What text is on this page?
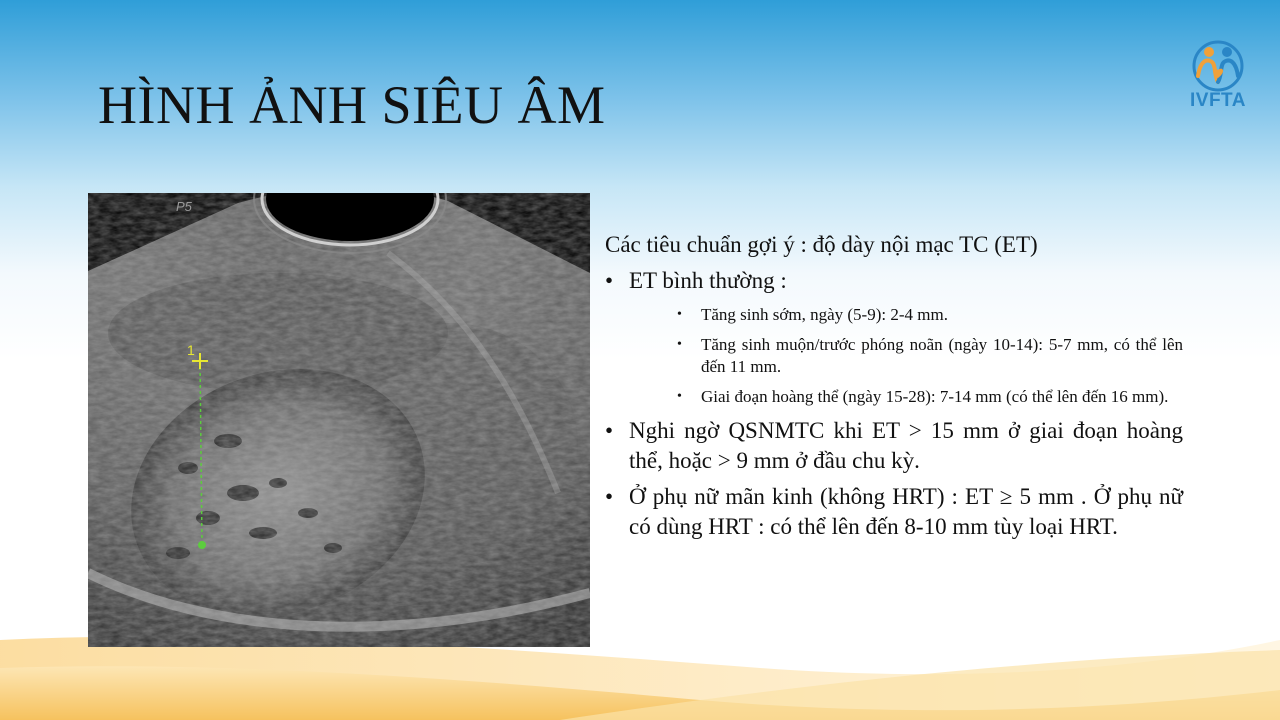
HÌNH ẢNH SIÊU ÂM	IVFTA
1
P5

Các tiêu chuẩn gợi ý : độ dày nội mạc TC (ET)

• ET bình thường :
• Tăng sinh sớm, ngày (5-9): 2-4 mm.
• Tăng sinh muộn/trước phóng noãn (ngày 10-14): 5-7 mm, có thể lên đến 11 mm.
• Giai đoạn hoàng thể (ngày 15-28): 7-14 mm (có thể lên đến 16 mm).
• Nghi ngờ QSNMTC khi ET > 15 mm ở giai đoạn hoàng thể, hoặc > 9 mm ở đầu chu kỳ.
• Ở phụ nữ mãn kinh (không HRT) : ET ≥ 5 mm . Ở phụ nữ có dùng HRT : có thể lên đến 8-10 mm tùy loại HRT.
